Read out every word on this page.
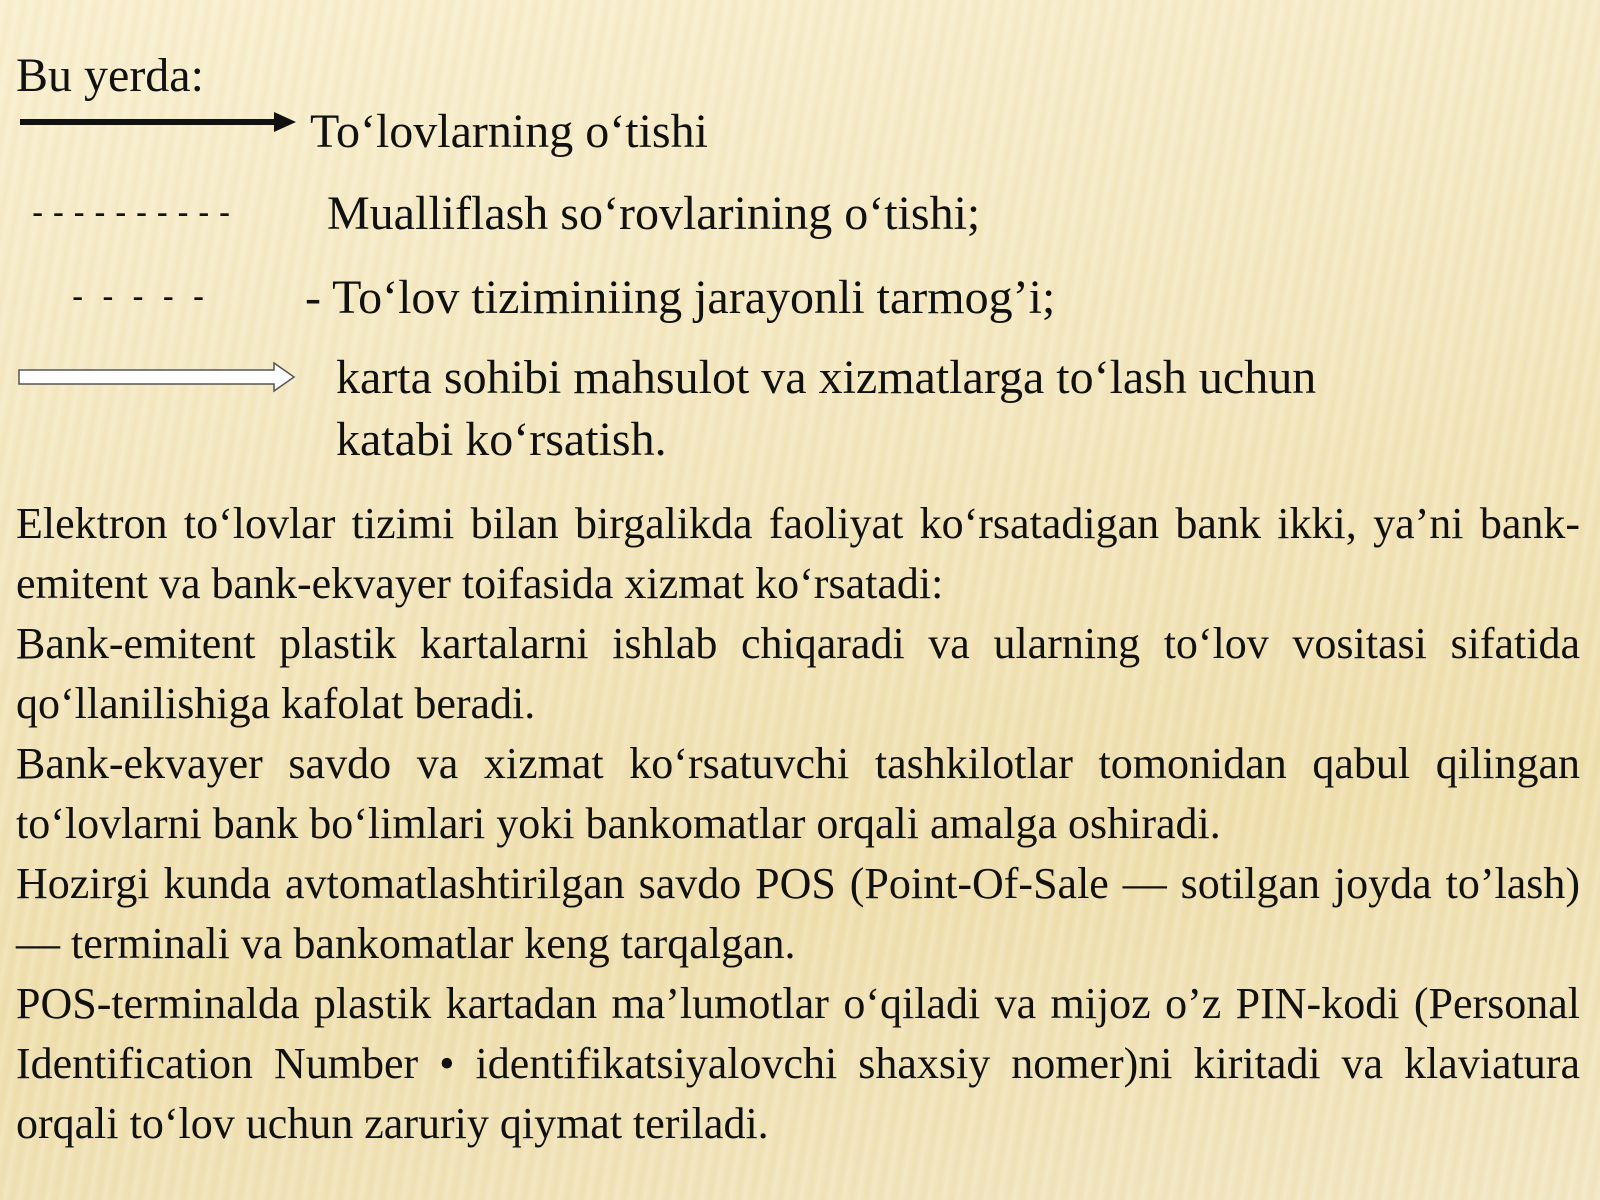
Bu yerda:
To‘lovlarning o‘tishi
- - - - - - - - - - Mualliflash so‘rovlarining o‘tishi;
-  -  -  -  - - To‘lov tiziminiing jarayonli tarmog’i;
karta sohibi mahsulot va xizmatlarga to‘lash uchun
katabi ko‘rsatish.

Elektron to‘lovlar tizimi bilan birgalikda faoliyat ko‘rsatadigan bank ikki, ya’ni bank-emitent va bank-ekvayer toifasida xizmat ko‘rsatadi:

Bank-emitent plastik kartalarni ishlab chiqaradi va ularning to‘lov vositasi sifatida qo‘llanilishiga kafolat beradi.

Bank-ekvayer savdo va xizmat ko‘rsatuvchi tashkilotlar tomonidan qabul qilingan to‘lovlarni bank bo‘limlari yoki bankomatlar orqali amalga oshiradi.

Hozirgi kunda avtomatlashtirilgan savdo POS (Point-Of-Sale — sotilgan joyda to’lash)— terminali va bankomatlar keng tarqalgan.

POS-terminalda plastik kartadan ma’lumotlar o‘qiladi va mijoz o’z PIN-kodi (Personal Identification Number • identifikatsiyalovchi shaxsiy nomer)ni kiritadi va klaviatura orqali to‘lov uchun zaruriy qiymat teriladi.
